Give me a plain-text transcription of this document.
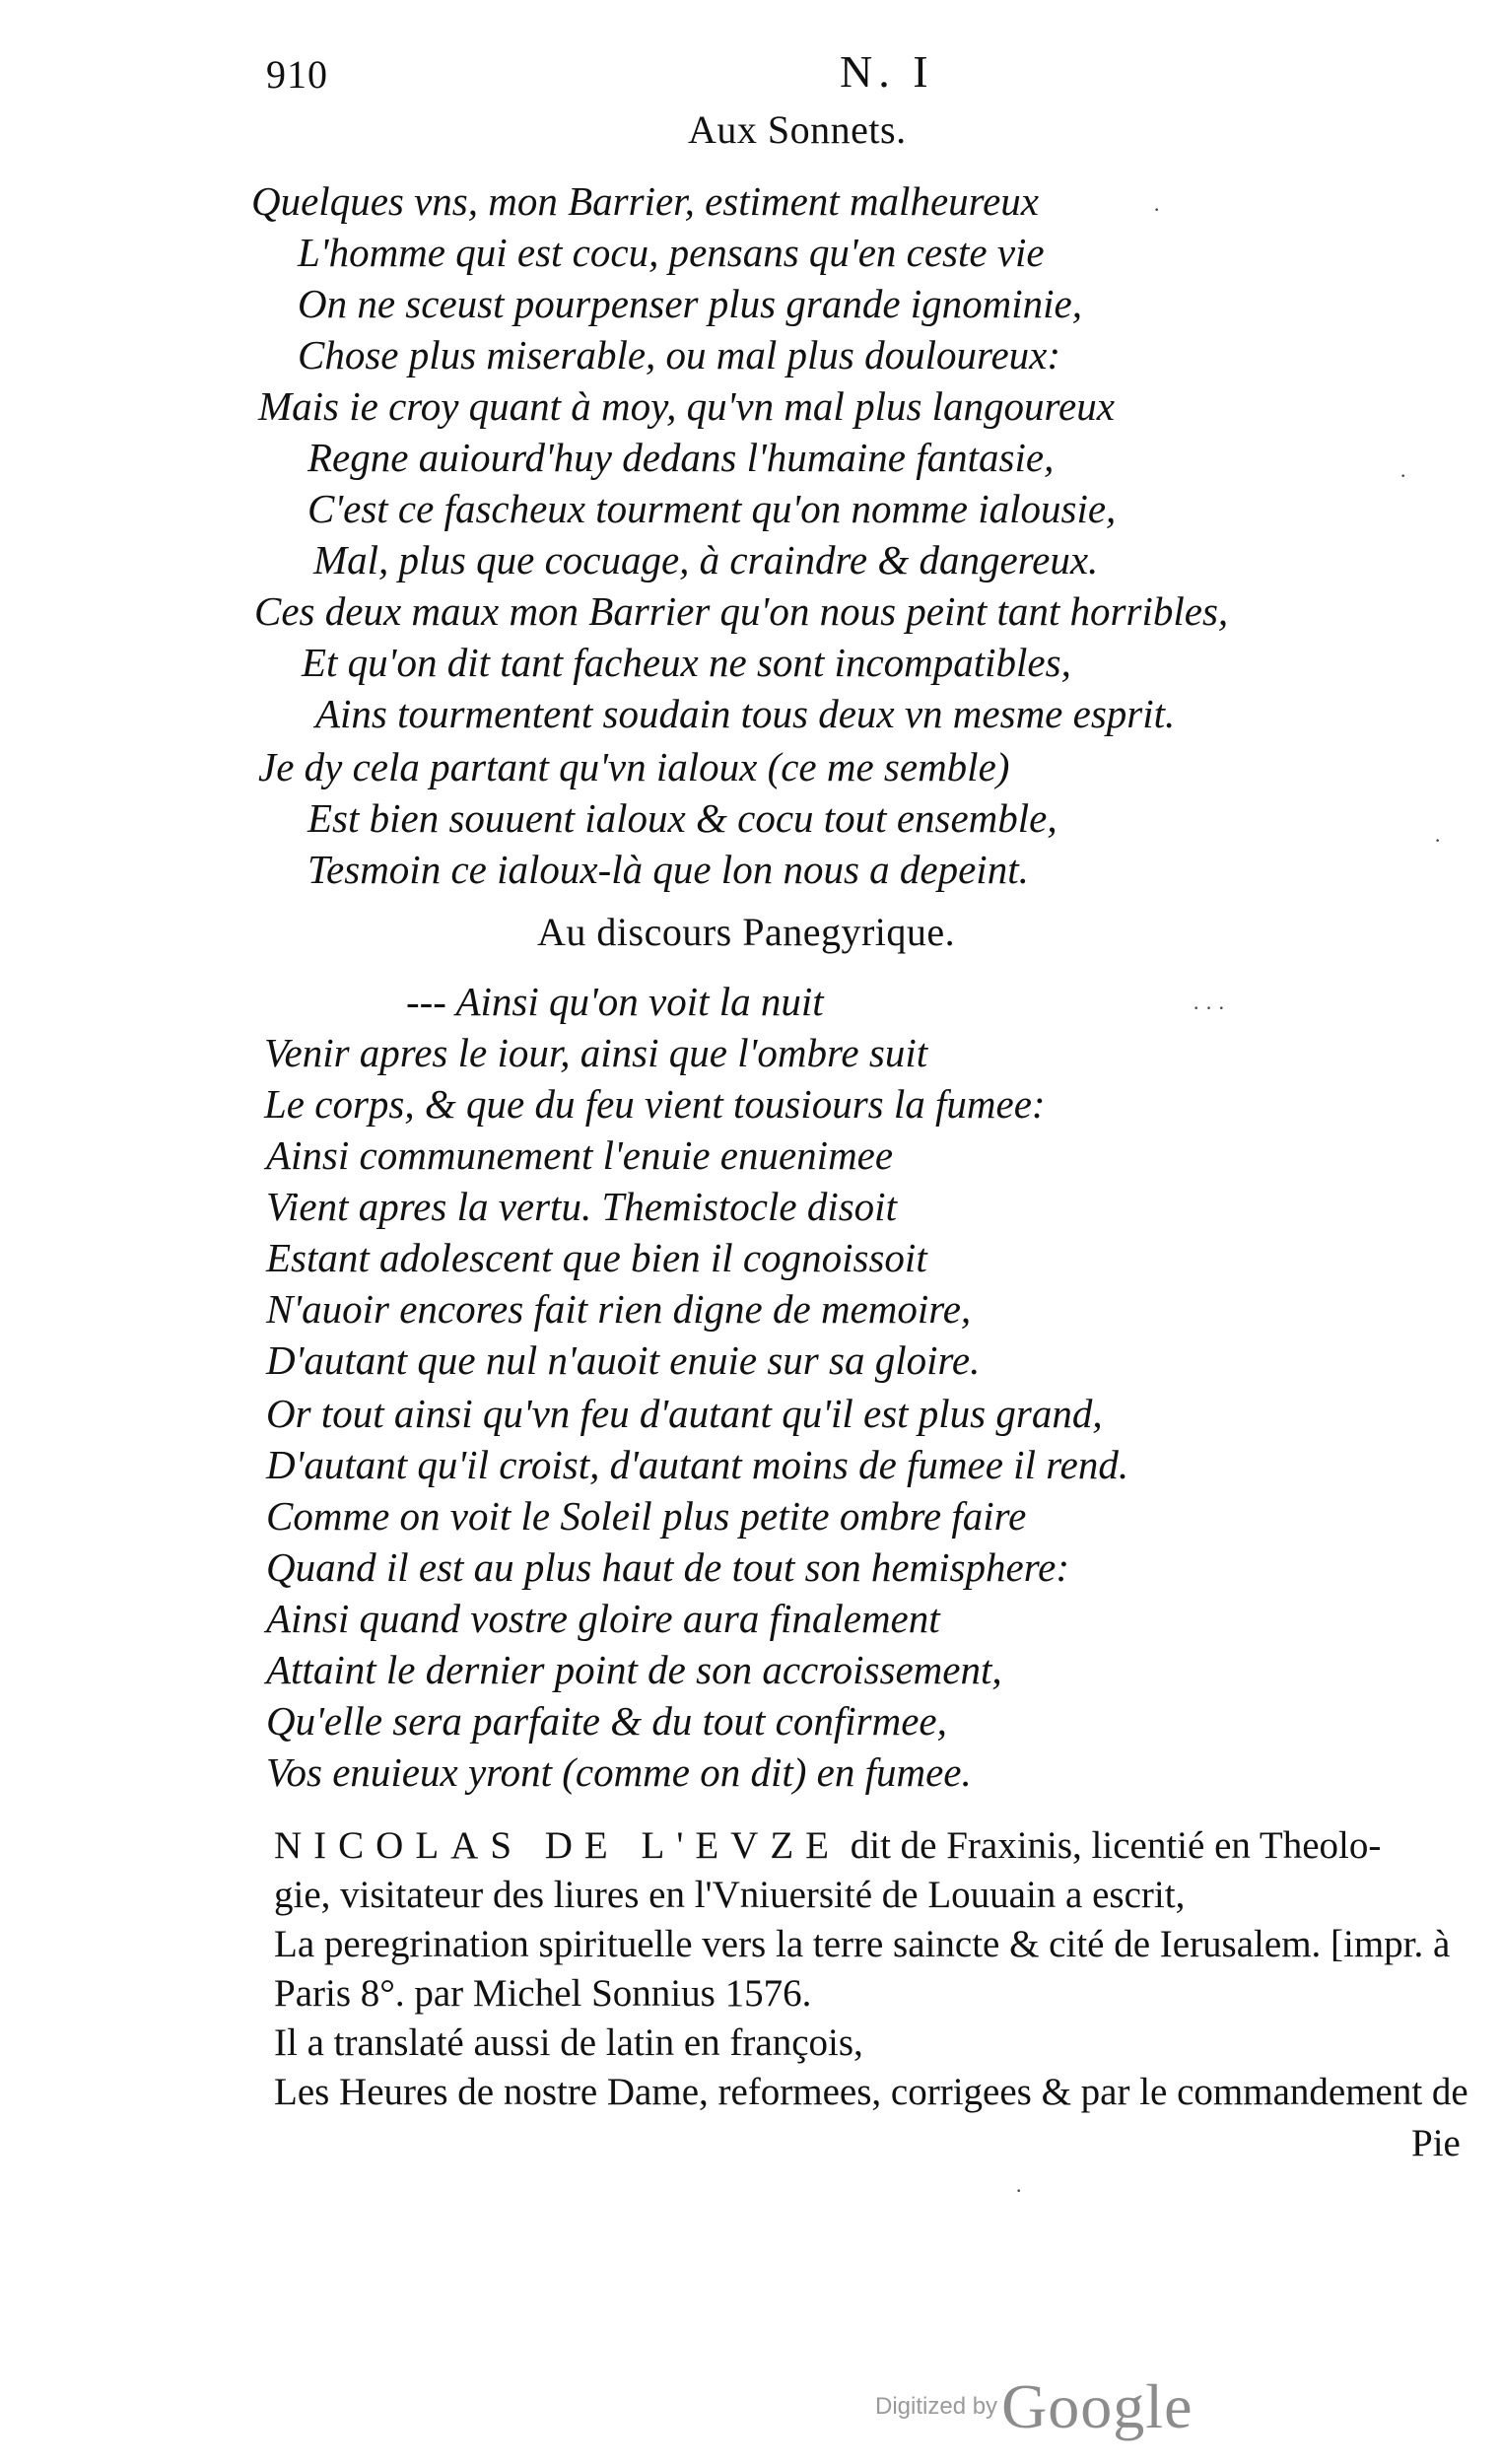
910	N. I
Aux Sonnets.
Quelques vns, mon Barrier, estiment malheureux
L'homme qui est cocu, pensans qu'en ceste vie
On ne sceust pourpenser plus grande ignominie,
Chose plus miserable, ou mal plus douloureux:
Mais ie croy quant à moy, qu'vn mal plus langoureux
Regne auiourd'huy dedans l'humaine fantasie,
C'est ce fascheux tourment qu'on nomme ialousie,
Mal, plus que cocuage, à craindre & dangereux.
Ces deux maux mon Barrier qu'on nous peint tant horribles,
Et qu'on dit tant facheux ne sont incompatibles,
Ains tourmentent soudain tous deux vn mesme esprit.
Je dy cela partant qu'vn ialoux (ce me semble)
Est bien souuent ialoux & cocu tout ensemble,
Tesmoin ce ialoux-là que lon nous a depeint.
Au discours Panegyrique.
--- Ainsi qu'on voit la nuit
Venir apres le iour, ainsi que l'ombre suit
Le corps, & que du feu vient tousiours la fumee:
Ainsi communement l'enuie enuenimee
Vient apres la vertu. Themistocle disoit
Estant adolescent que bien il cognoissoit
N'auoir encores fait rien digne de memoire,
D'autant que nul n'auoit enuie sur sa gloire.
Or tout ainsi qu'vn feu d'autant qu'il est plus grand,
D'autant qu'il croist, d'autant moins de fumee il rend.
Comme on voit le Soleil plus petite ombre faire
Quand il est au plus haut de tout son hemisphere:
Ainsi quand vostre gloire aura finalement
Attaint le dernier point de son accroissement,
Qu'elle sera parfaite & du tout confirmee,
Vos enuieux yront (comme on dit) en fumee.
NICOLAS DE L'EVZE dit de Fraxinis, licentié en Theolo-
gie, visitateur des liures en l'Vniuersité de Louuain a escrit,
La peregrination spirituelle vers la terre saincte & cité de Ierusalem. [impr. à
Paris 8°. par Michel Sonnius 1576.
Il a translaté aussi de latin en françois,
Les Heures de nostre Dame, reformees, corrigees & par le commandement de
Pie
·
·
· · ·
·
·
Digitized by Google
